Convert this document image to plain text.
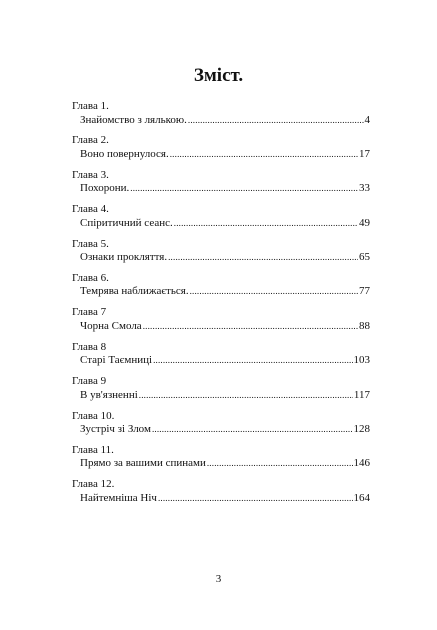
Зміст.
Глава 1.
Знайомство з лялькою. .....	4
Глава 2.
Воно повернулося. .....	17
Глава 3.
Похорони. .....	33
Глава 4.
Спіритичний сеанс. .....	49
Глава 5.
Ознаки прокляття. .....	65
Глава 6.
Темрява наближається. .....	77
Глава 7
Чорна Смола .....	88
Глава 8
Старі Таємниці .....	103
Глава 9
В ув'язненні .....	117
Глава 10.
Зустріч зі Злом .....	128
Глава 11.
Прямо за вашими спинами .....	146
Глава 12.
Найтемніша Ніч .....	164
3
